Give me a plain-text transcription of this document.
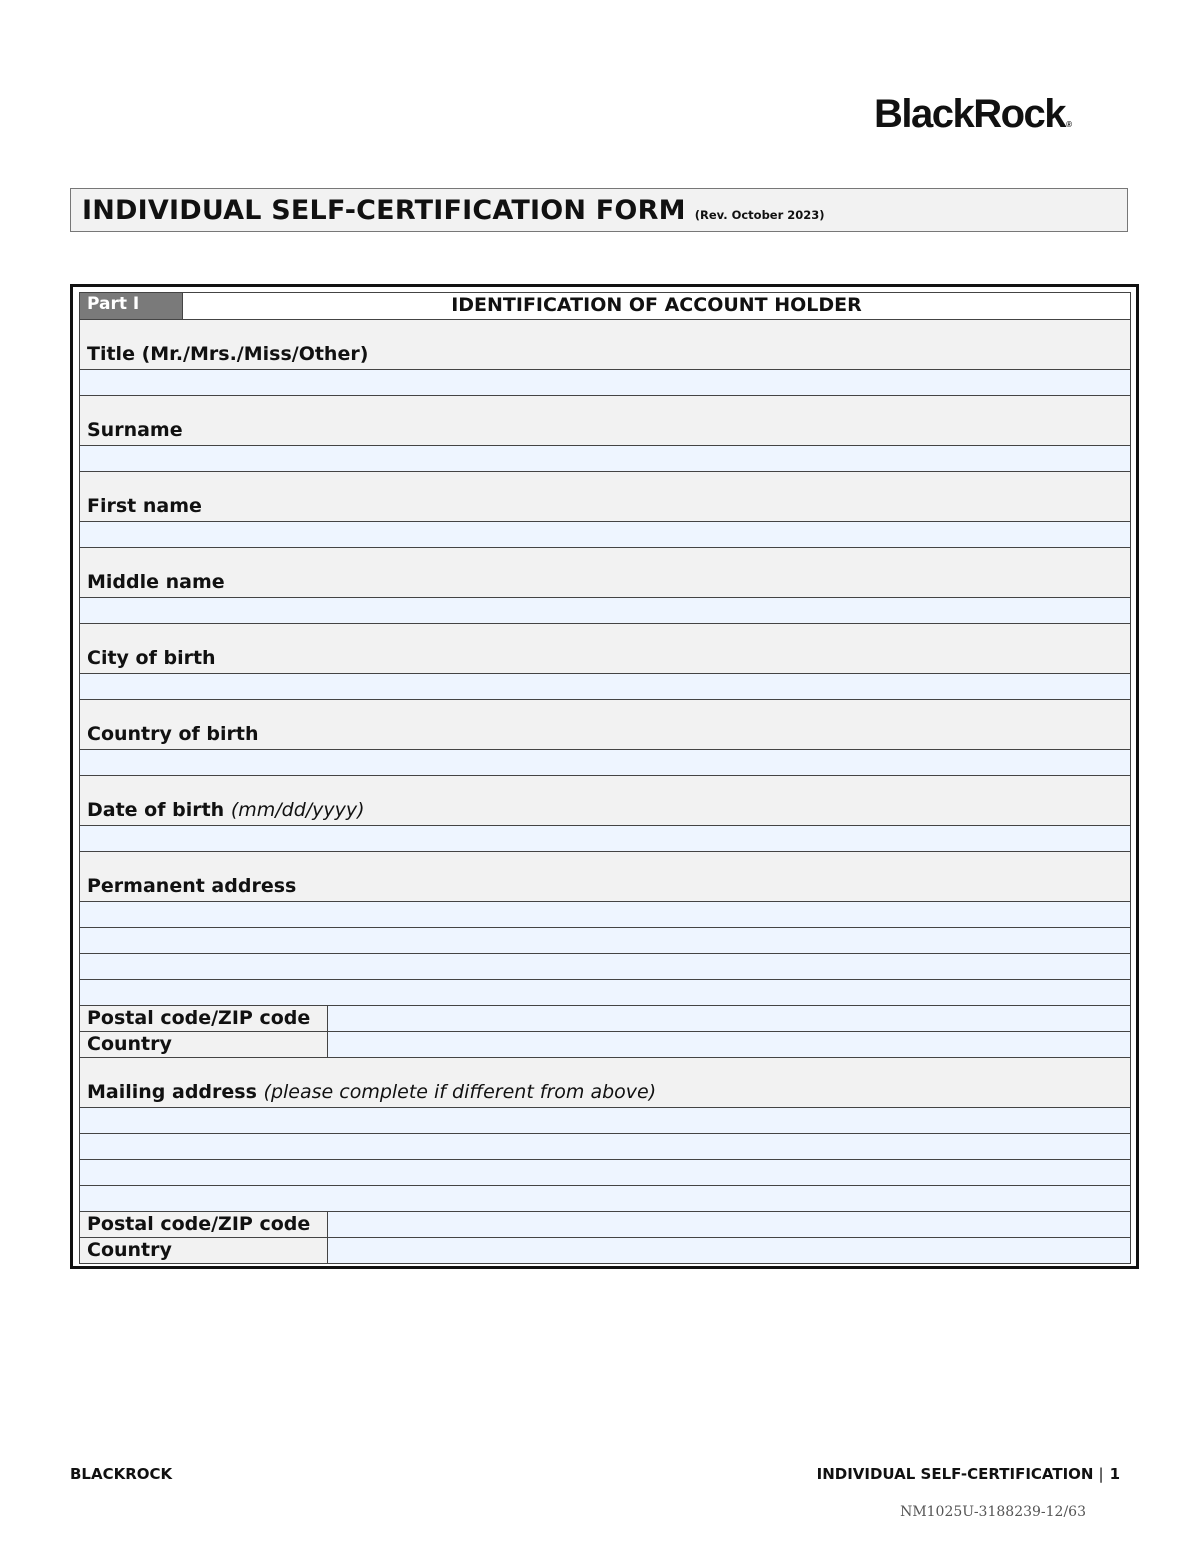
BlackRock®
INDIVIDUAL SELF-CERTIFICATION FORM (Rev. October 2023)
Part I	IDENTIFICATION OF ACCOUNT HOLDER
Title (Mr./Mrs./Miss/Other)
Surname
First name
Middle name
City of birth
Country of birth
Date of birth (mm/dd/yyyy)
Permanent address
Postal code/ZIP code
Country
Mailing address (please complete if different from above)
Postal code/ZIP code
Country
BLACKROCK	INDIVIDUAL SELF-CERTIFICATION | 1
NM1025U-3188239-12/63
